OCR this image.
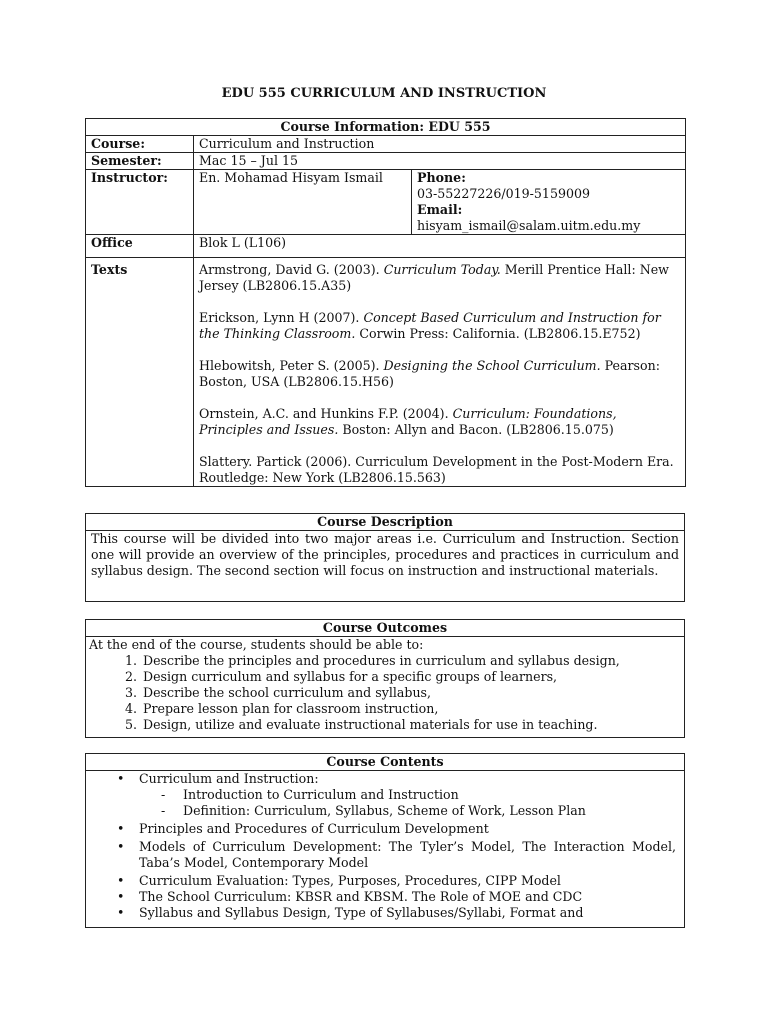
EDU 555 CURRICULUM AND INSTRUCTION
Course Information: EDU 555		
Course:	Curriculum and Instruction	
Semester:	Mac 15 – Jul 15	
Instructor:	En. Mohamad Hisyam Ismail	Phone:
03-55227226/019-5159009
Email:
hisyam_ismail@salam.uitm.edu.my

Office	Blok L (L106)	
Texts	Armstrong, David G. (2003). Curriculum Today. Merill Prentice Hall: New Jersey (LB2806.15.A35)
Erickson, Lynn H (2007). Concept Based Curriculum and Instruction for the Thinking Classroom. Corwin Press: California. (LB2806.15.E752)
Hlebowitsh, Peter S. (2005). Designing the School Curriculum. Pearson: Boston, USA (LB2806.15.H56)
Ornstein, A.C. and Hunkins F.P. (2004). Curriculum: Foundations, Principles and Issues. Boston: Allyn and Bacon. (LB2806.15.075)
Slattery. Partick (2006). Curriculum Development in the Post-Modern Era. Routledge: New York (LB2806.15.563)	
Course Description
This course will be divided into two major areas i.e. Curriculum and Instruction. Section one will provide an overview of the principles, procedures and practices in curriculum and syllabus design. The second section will focus on instruction and instructional materials.
Course Outcomes

At the end of the course, students should be able to:
1. Describe the principles and procedures in curriculum and syllabus design,
2. Design curriculum and syllabus for a specific groups of learners,
3. Describe the school curriculum and syllabus,
4. Prepare lesson plan for classroom instruction,
5. Design, utilize and evaluate instructional materials for use in teaching.
Course Contents

• Curriculum and Instruction:
- Introduction to Curriculum and Instruction
- Definition: Curriculum, Syllabus, Scheme of Work, Lesson Plan
• Principles and Procedures of Curriculum Development
• Models of Curriculum Development: The Tyler’s Model, The Interaction Model, Taba’s Model, Contemporary Model
• Curriculum Evaluation: Types, Purposes, Procedures, CIPP Model
• The School Curriculum: KBSR and KBSM. The Role of MOE and CDC
• Syllabus and Syllabus Design, Type of Syllabuses/Syllabi, Format and
